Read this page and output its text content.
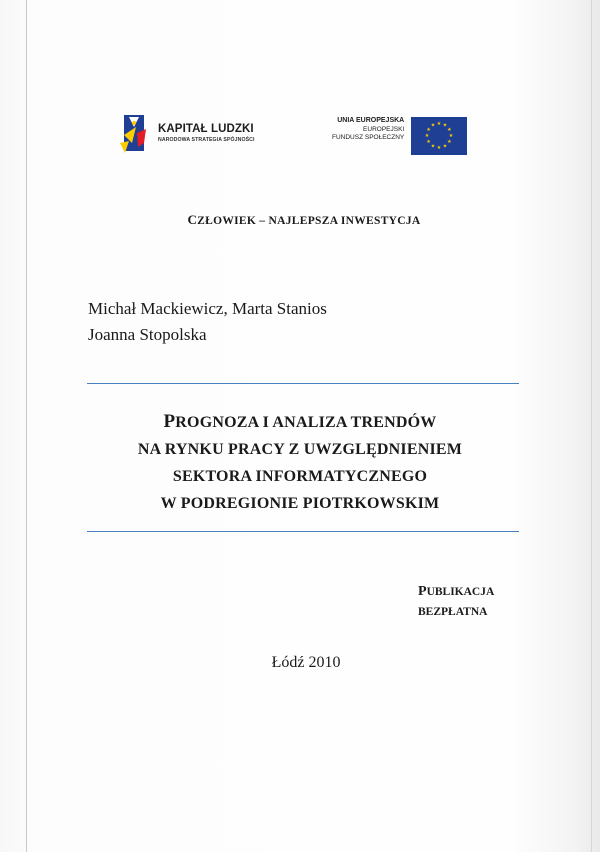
KAPITAŁ LUDZKI
NARODOWA STRATEGIA SPÓJNOŚCI
UNIA EUROPEJSKA
EUROPEJSKI
FUNDUSZ SPOŁECZNY
★ ★
★
★
★
★
★
★
★
★
★
★
CZŁOWIEK – NAJLEPSZA INWESTYCJA
Michał Mackiewicz, Marta Stanios
Joanna Stopolska
PROGNOZA I ANALIZA TRENDÓW
NA RYNKU PRACY Z UWZGLĘDNIENIEM
SEKTORA INFORMATYCZNEGO
W PODREGIONIE PIOTRKOWSKIM
PUBLIKACJA
BEZPŁATNA
Łódź 2010
